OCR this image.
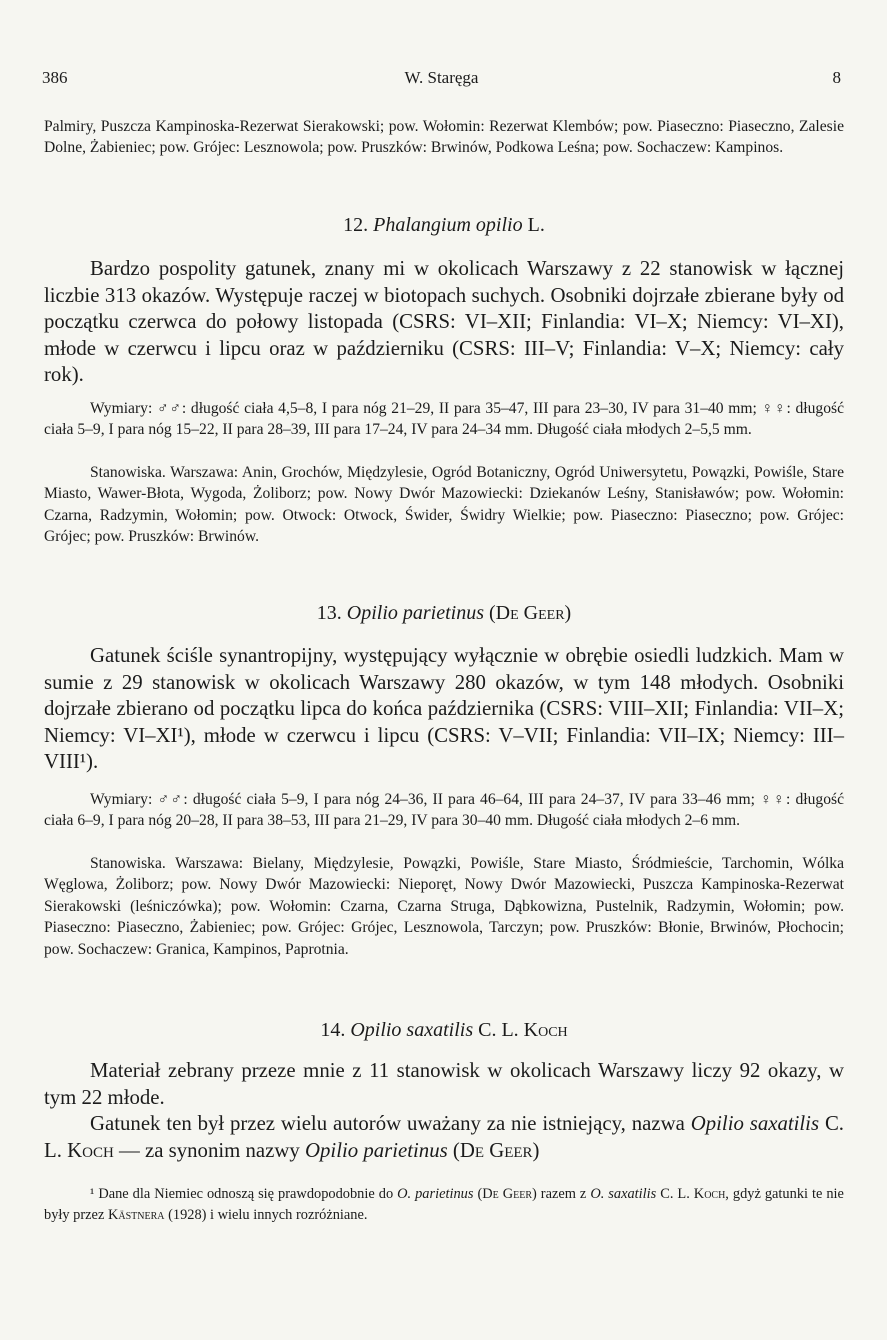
386	W. Staręga	8

Palmiry, Puszcza Kampinoska-Rezerwat Sierakowski; pow. Wołomin: Rezerwat Klembów; pow. Piaseczno: Piaseczno, Zalesie Dolne, Żabieniec; pow. Grójec: Lesznowola; pow. Pruszków: Brwinów, Podkowa Leśna; pow. Sochaczew: Kampinos.

12. Phalangium opilio L.

Bardzo pospolity gatunek, znany mi w okolicach Warszawy z 22 stanowisk w łącznej liczbie 313 okazów. Występuje raczej w biotopach suchych. Osobniki dojrzałe zbierane były od początku czerwca do połowy listopada (CSRS: VI–XII; Finlandia: VI–X; Niemcy: VI–XI), młode w czerwcu i lipcu oraz w październiku (CSRS: III–V; Finlandia: V–X; Niemcy: cały rok).

Wymiary: ♂♂: długość ciała 4,5–8, I para nóg 21–29, II para 35–47, III para 23–30, IV para 31–40 mm; ♀♀: długość ciała 5–9, I para nóg 15–22, II para 28–39, III para 17–24, IV para 24–34 mm. Długość ciała młodych 2–5,5 mm.

Stanowiska. Warszawa: Anin, Grochów, Międzylesie, Ogród Botaniczny, Ogród Uniwersytetu, Powązki, Powiśle, Stare Miasto, Wawer-Błota, Wygoda, Żoliborz; pow. Nowy Dwór Mazowiecki: Dziekanów Leśny, Stanisławów; pow. Wołomin: Czarna, Radzymin, Wołomin; pow. Otwock: Otwock, Świder, Świdry Wielkie; pow. Piaseczno: Piaseczno; pow. Grójec: Grójec; pow. Pruszków: Brwinów.

13. Opilio parietinus (De Geer)

Gatunek ściśle synantropijny, występujący wyłącznie w obrębie osiedli ludzkich. Mam w sumie z 29 stanowisk w okolicach Warszawy 280 okazów, w tym 148 młodych. Osobniki dojrzałe zbierano od początku lipca do końca października (CSRS: VIII–XII; Finlandia: VII–X; Niemcy: VI–XI¹), młode w czerwcu i lipcu (CSRS: V–VII; Finlandia: VII–IX; Niemcy: III–VIII¹).

Wymiary: ♂♂: długość ciała 5–9, I para nóg 24–36, II para 46–64, III para 24–37, IV para 33–46 mm; ♀♀: długość ciała 6–9, I para nóg 20–28, II para 38–53, III para 21–29, IV para 30–40 mm. Długość ciała młodych 2–6 mm.

Stanowiska. Warszawa: Bielany, Międzylesie, Powązki, Powiśle, Stare Miasto, Śródmieście, Tarchomin, Wólka Węglowa, Żoliborz; pow. Nowy Dwór Mazowiecki: Nieporęt, Nowy Dwór Mazowiecki, Puszcza Kampinoska-Rezerwat Sierakowski (leśniczówka); pow. Wołomin: Czarna, Czarna Struga, Dąbkowizna, Pustelnik, Radzymin, Wołomin; pow. Piaseczno: Piaseczno, Żabieniec; pow. Grójec: Grójec, Lesznowola, Tarczyn; pow. Pruszków: Błonie, Brwinów, Płochocin; pow. Sochaczew: Granica, Kampinos, Paprotnia.

14. Opilio saxatilis C. L. Koch

Materiał zebrany przeze mnie z 11 stanowisk w okolicach Warszawy liczy 92 okazy, w tym 22 młode.

Gatunek ten był przez wielu autorów uważany za nie istniejący, nazwa Opilio saxatilis C. L. Koch — za synonim nazwy Opilio parietinus (De Geer)

¹ Dane dla Niemiec odnoszą się prawdopodobnie do O. parietinus (De Geer) razem z O. saxatilis C. L. Koch, gdyż gatunki te nie były przez Kästnera (1928) i wielu innych rozróżniane.
